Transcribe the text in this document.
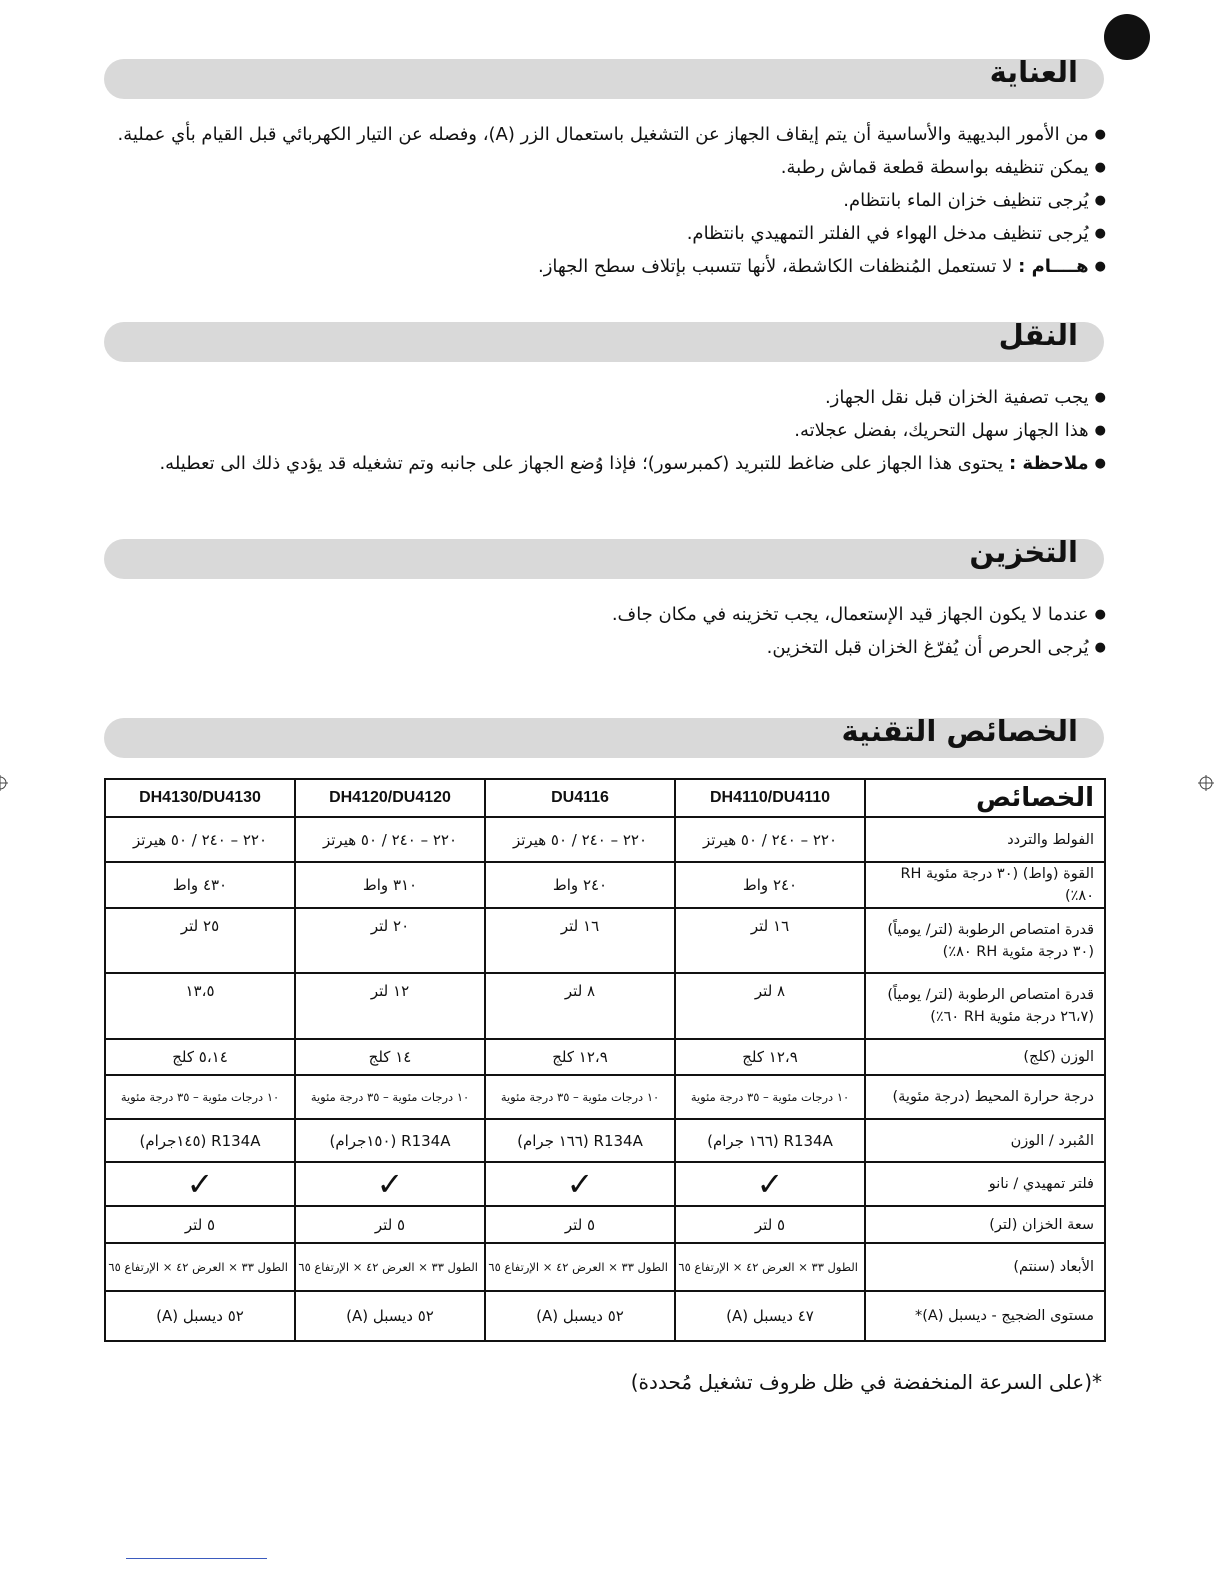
العناية
● من الأمور البديهية والأساسية أن يتم إيقاف الجهاز عن التشغيل باستعمال الزر (A)، وفصله عن التيار الكهربائي قبل القيام بأي عملية.
● يمكن تنظيفه بواسطة قطعة قماش رطبة.
● يُرجى تنظيف خزان الماء بانتظام.
● يُرجى تنظيف مدخل الهواء في الفلتر التمهيدي بانتظام.
● هــــام : لا تستعمل المُنظفات الكاشطة، لأنها تتسبب بإتلاف سطح الجهاز.
النقل
● يجب تصفية الخزان قبل نقل الجهاز.
● هذا الجهاز سهل التحريك، بفضل عجلاته.
● ملاحظة : يحتوى هذا الجهاز على ضاغط للتبريد (كمبرسور)؛ فإذا وُضع الجهاز على جانبه وتم تشغيله قد يؤدي ذلك الى تعطيله.
التخزين
● عندما لا يكون الجهاز قيد الإستعمال، يجب تخزينه في مكان جاف.
● يُرجى الحرص أن يُفرّغ الخزان قبل التخزين.
الخصائص التقنية
الخصائص	DH4110/DU4110	DU4116	DH4120/DU4120	DH4130/DU4130
الفولط والتردد	٢٢٠ – ٢٤٠ / ٥٠ هيرتز	٢٢٠ – ٢٤٠ / ٥٠ هيرتز	٢٢٠ – ٢٤٠ / ٥٠ هيرتز	٢٢٠ – ٢٤٠ / ٥٠ هيرتز
القوة (واط) (٣٠ درجة مئوية RH ٨٠٪)	٢٤٠ واط	٢٤٠ واط	٣١٠ واط	٤٣٠ واط
قدرة امتصاص الرطوبة (لتر/ يومياً)
(٣٠ درجة مئوية RH ٨٠٪)	١٦ لتر	١٦ لتر	٢٠ لتر	٢٥ لتر
قدرة امتصاص الرطوبة (لتر/ يومياً)
(٢٦،٧ درجة مئوية RH ٦٠٪)	٨ لتر	٨ لتر	١٢ لتر	١٣،٥
الوزن (كلج)	١٢،٩ كلج	١٢،٩ كلج	١٤ كلج	٥،١٤ كلج
درجة حرارة المحيط (درجة مئوية)	١٠ درجات مئوية – ٣٥ درجة مئوية	١٠ درجات مئوية – ٣٥ درجة مئوية	١٠ درجات مئوية – ٣٥ درجة مئوية	١٠ درجات مئوية – ٣٥ درجة مئوية
المُبرد / الوزن	R134A (١٦٦ جرام)	R134A (١٦٦ جرام)	R134A (١٥٠جرام)	R134A (١٤٥جرام)
فلتر تمهيدي / نانو	✓	✓	✓	✓
سعة الخزان (لتر)	٥ لتر	٥ لتر	٥ لتر	٥ لتر
الأبعاد (سنتم)	الطول ٣٣ × العرض ٤٢ × الإرتفاع ٦٥	الطول ٣٣ × العرض ٤٢ × الإرتفاع ٦٥	الطول ٣٣ × العرض ٤٢ × الإرتفاع ٦٥	الطول ٣٣ × العرض ٤٢ × الإرتفاع ٦٥
مستوى الضجيج - ديسبل (A)*	٤٧ ديسبل (A)	٥٢ ديسبل (A)	٥٢ ديسبل (A)	٥٢ ديسبل (A)

*(على السرعة المنخفضة في ظل ظروف تشغيل مُحددة)
